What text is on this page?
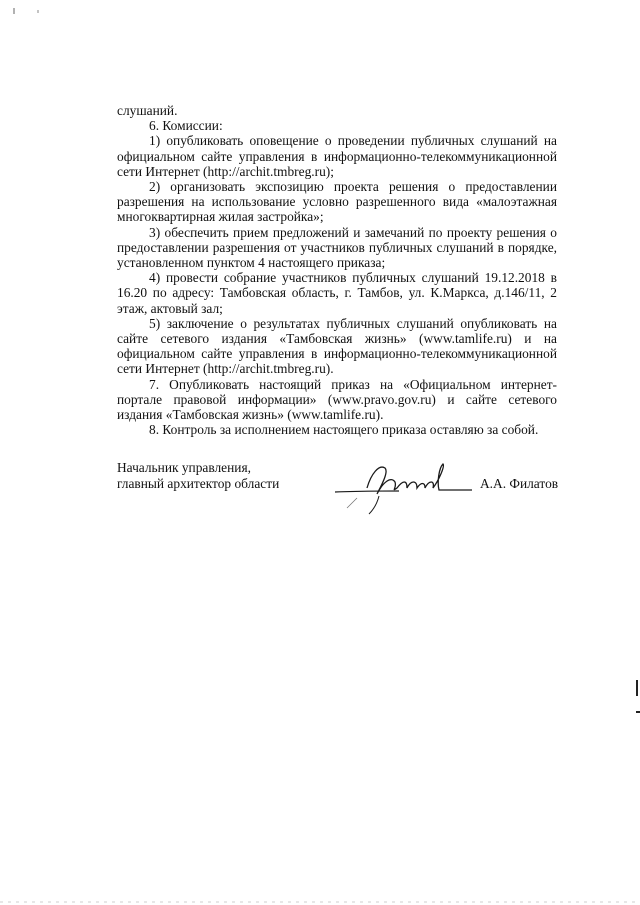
слушаний.

6. Комиссии:

1) опубликовать оповещение о проведении публичных слушаний на официальном сайте управления в информационно-телекоммуникационной сети Интернет (http://archit.tmbreg.ru);

2) организовать экспозицию проекта решения о предоставлении разрешения на использование условно разрешенного вида «малоэтажная многоквартирная жилая застройка»;

3) обеспечить прием предложений и замечаний по проекту решения о предоставлении разрешения от участников публичных слушаний в порядке, установленном пунктом 4 настоящего приказа;

4) провести собрание участников публичных слушаний 19.12.2018 в 16.20 по адресу: Тамбовская область, г. Тамбов, ул. К.Маркса, д.146/11, 2 этаж, актовый зал;

5) заключение о результатах публичных слушаний опубликовать на сайте сетевого издания «Тамбовская жизнь» (www.tamlife.ru) и на официальном сайте управления в информационно-телекоммуникационной сети Интернет (http://archit.tmbreg.ru).

7. Опубликовать настоящий приказ на «Официальном интернет-портале правовой информации» (www.pravo.gov.ru) и сайте сетевого издания «Тамбовская жизнь» (www.tamlife.ru).

8. Контроль за исполнением настоящего приказа оставляю за собой.

Начальник управления,
главный архитектор области	А.А. Филатов
